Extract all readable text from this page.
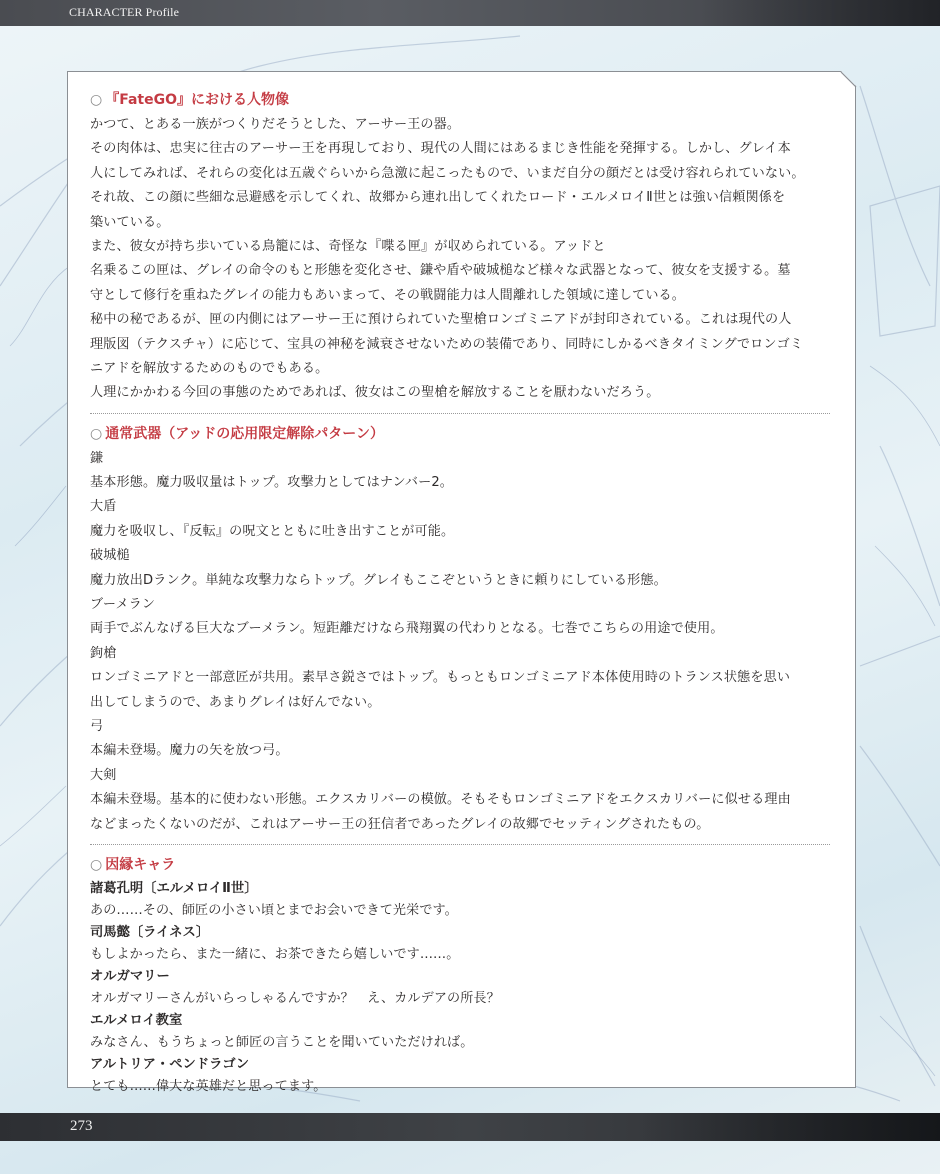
CHARACTER Profile
○ 『FateGO』における人物像
かつて、とある一族がつくりだそうとした、アーサー王の器。
その肉体は、忠実に往古のアーサー王を再現しており、現代の人間にはあるまじき性能を発揮する。しかし、グレイ本
人にしてみれば、それらの変化は五歳ぐらいから急激に起こったもので、いまだ自分の顔だとは受け容れられていない。
それ故、この顔に些細な忌避感を示してくれ、故郷から連れ出してくれたロード・エルメロイⅡ世とは強い信頼関係を
築いている。
また、彼女が持ち歩いている鳥籠には、奇怪な『喋る匣』が収められている。アッドと
名乗るこの匣は、グレイの命令のもと形態を変化させ、鎌や盾や破城槌など様々な武器となって、彼女を支援する。墓
守として修行を重ねたグレイの能力もあいまって、その戦闘能力は人間離れした領域に達している。
秘中の秘であるが、匣の内側にはアーサー王に預けられていた聖槍ロンゴミニアドが封印されている。これは現代の人
理版図（テクスチャ）に応じて、宝具の神秘を減衰させないための装備であり、同時にしかるべきタイミングでロンゴミ
ニアドを解放するためのものでもある。
人理にかかわる今回の事態のためであれば、彼女はこの聖槍を解放することを厭わないだろう。
○ 通常武器（アッドの応用限定解除パターン）
鎌
基本形態。魔力吸収量はトップ。攻撃力としてはナンバー2。
大盾
魔力を吸収し、『反転』の呪文とともに吐き出すことが可能。
破城槌
魔力放出Dランク。単純な攻撃力ならトップ。グレイもここぞというときに頼りにしている形態。
ブーメラン
両手でぶんなげる巨大なブーメラン。短距離だけなら飛翔翼の代わりとなる。七巻でこちらの用途で使用。
鉤槍
ロンゴミニアドと一部意匠が共用。素早さ鋭さではトップ。もっともロンゴミニアド本体使用時のトランス状態を思い
出してしまうので、あまりグレイは好んでない。
弓
本編未登場。魔力の矢を放つ弓。
大剣
本編未登場。基本的に使わない形態。エクスカリバーの模倣。そもそもロンゴミニアドをエクスカリバーに似せる理由
などまったくないのだが、これはアーサー王の狂信者であったグレイの故郷でセッティングされたもの。
○ 因縁キャラ
諸葛孔明〔エルメロイⅡ世〕
あの……その、師匠の小さい頃とまでお会いできて光栄です。
司馬懿〔ライネス〕
もしよかったら、また一緒に、お茶できたら嬉しいです……。
オルガマリー
オルガマリーさんがいらっしゃるんですか？　え、カルデアの所長？
エルメロイ教室
みなさん、もうちょっと師匠の言うことを聞いていただければ。
アルトリア・ペンドラゴン
とても……偉大な英雄だと思ってます。
273
